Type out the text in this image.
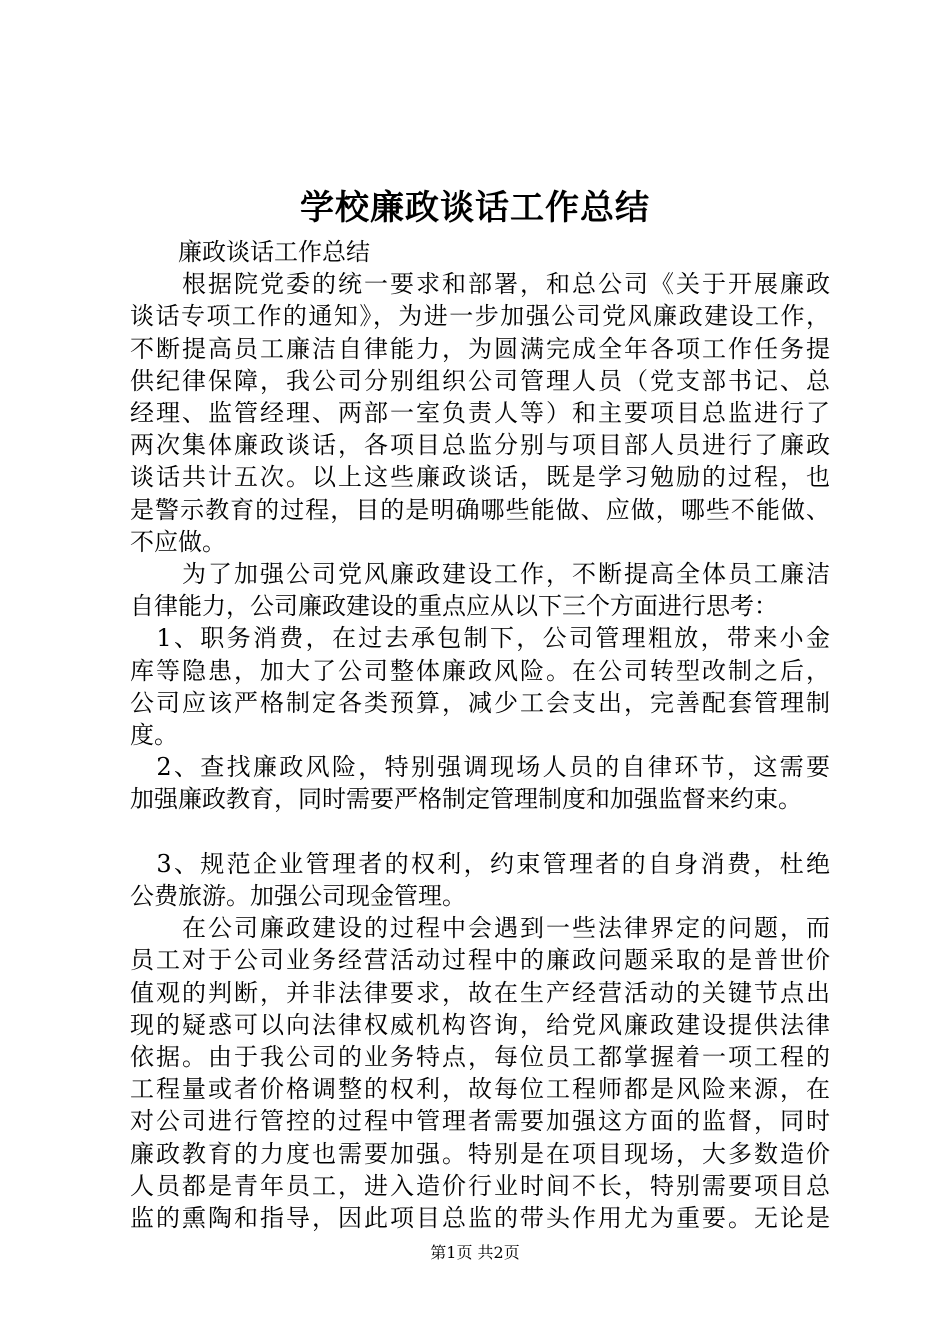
学校廉政谈话工作总结
　　廉政谈话工作总结
　　根据院党委的统一要求和部署，和总公司《关于开展廉政
谈话专项工作的通知》，为进一步加强公司党风廉政建设工作，
不断提高员工廉洁自律能力，为圆满完成全年各项工作任务提
供纪律保障，我公司分别组织公司管理人员（党支部书记、总
经理、监管经理、两部一室负责人等）和主要项目总监进行了
两次集体廉政谈话，各项目总监分别与项目部人员进行了廉政
谈话共计五次。以上这些廉政谈话，既是学习勉励的过程，也
是警示教育的过程，目的是明确哪些能做、应做，哪些不能做、
不应做。
　　为了加强公司党风廉政建设工作，不断提高全体员工廉洁
自律能力，公司廉政建设的重点应从以下三个方面进行思考：
　1、职务消费，在过去承包制下，公司管理粗放，带来小金
库等隐患，加大了公司整体廉政风险。在公司转型改制之后，
公司应该严格制定各类预算，减少工会支出，完善配套管理制
度。
　2、查找廉政风险，特别强调现场人员的自律环节，这需要
加强廉政教育，同时需要严格制定管理制度和加强监督来约束。
　3、规范企业管理者的权利，约束管理者的自身消费，杜绝
公费旅游。加强公司现金管理。
　　在公司廉政建设的过程中会遇到一些法律界定的问题，而
员工对于公司业务经营活动过程中的廉政问题采取的是普世价
值观的判断，并非法律要求，故在生产经营活动的关键节点出
现的疑惑可以向法律权威机构咨询，给党风廉政建设提供法律
依据。由于我公司的业务特点，每位员工都掌握着一项工程的
工程量或者价格调整的权利，故每位工程师都是风险来源，在
对公司进行管控的过程中管理者需要加强这方面的监督，同时
廉政教育的力度也需要加强。特别是在项目现场，大多数造价
人员都是青年员工，进入造价行业时间不长，特别需要项目总
监的熏陶和指导，因此项目总监的带头作用尤为重要。无论是
第1页 共2页
